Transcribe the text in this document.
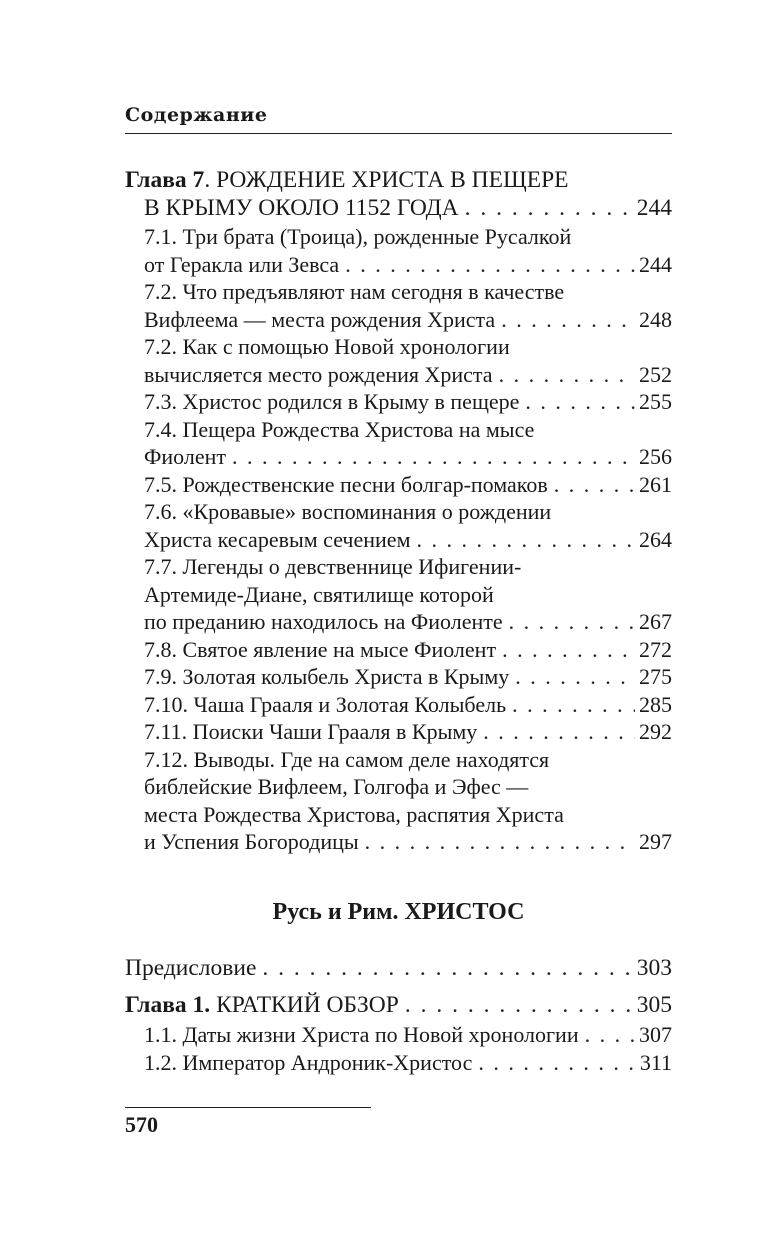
Содержание
Глава 7 . РОЖДЕНИЕ ХРИСТА В ПЕЩЕРЕ
В КРЫМУ ОКОЛО 1152 ГОДА . . .	244
7.1. Три брата (Троица), рожденные Русалкой
от Геракла или Зевса . . .	244
7.2. Что предъявляют нам сегодня в качестве
Вифлеема — места рождения Христа . . .	248
7.2. Как с помощью Новой хронологии
вычисляется место рождения Христа . . .	252
7.3. Христос родился в Крыму в пещере . . .	255
7.4. Пещера Рождества Христова на мысе
Фиолент . . .	256
7.5. Рождественские песни болгар-помаков . . .	261
7.6. «Кровавые» воспоминания о рождении
Христа кесаревым сечением . . .	264
7.7. Легенды о девственнице Ифигении-
Артемиде-Диане, святилище которой
по преданию находилось на Фиоленте . . .	267
7.8. Святое явление на мысе Фиолент . . .	272
7.9. Золотая колыбель Христа в Крыму . . .	275
7.10. Чаша Грааля и Золотая Колыбель . . .	285
7.11. Поиски Чаши Грааля в Крыму . . .	292
7.12. Выводы. Где на самом деле находятся
библейские Вифлеем, Голгофа и Эфес —
места Рождества Христова, распятия Христа
и Успения Богородицы . . .	297
Русь и Рим. ХРИСТОС
Предисловие . . .	303
Глава 1.
КРАТКИЙ ОБЗОР . . .	305
1.1. Даты жизни Христа по Новой хронологии . . .	307
1.2. Император Андроник-Христос . . .	311
570
